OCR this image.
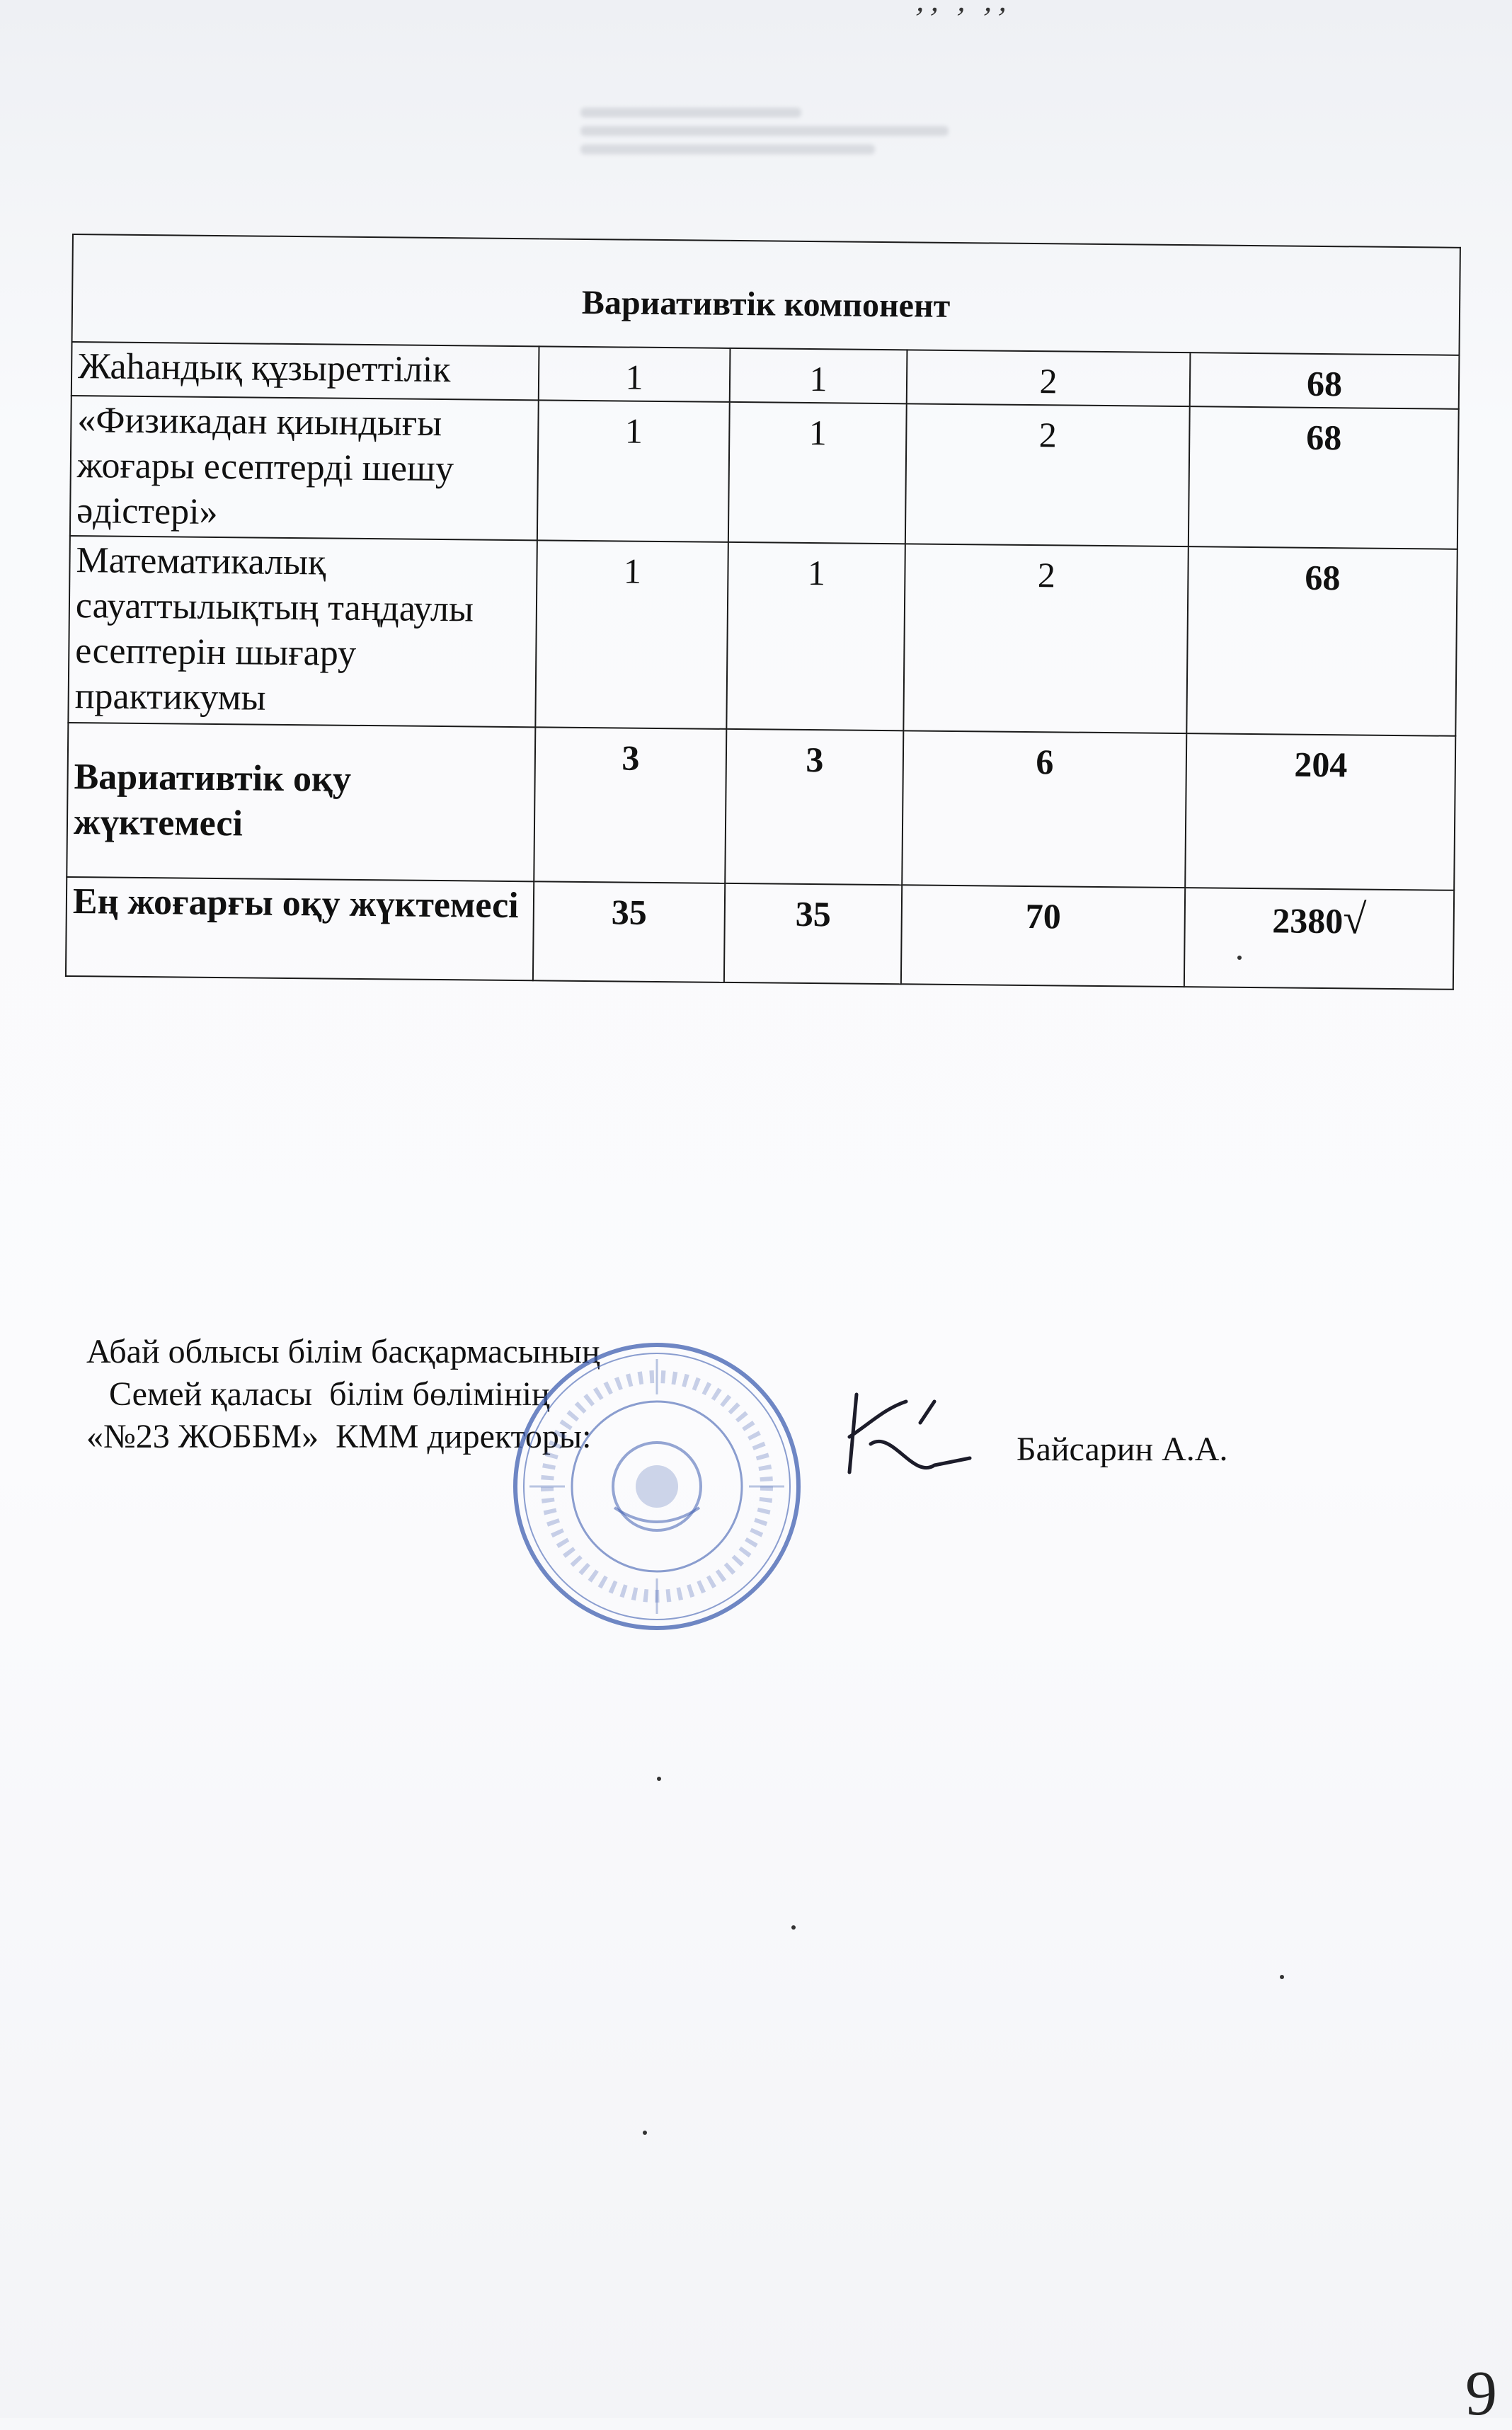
ʼʼ ʼ ʼʼ
Вариативтік компонент				
Жаһандық құзыреттілік	1	1	2	68
«Физикадан қиындығы жоғары есептерді шешу әдістері»	1	1	2	68
Математикалық сауаттылықтың таңдаулы есептерін шығару практикумы	1	1	2	68
Вариативтік оқу жүктемесі	3	3	6	204
Ең жоғарғы оқу жүктемесі	35	35	70	2380√
Абай облысы білім басқармасының
Семей қаласы  білім бөлімінің
«№23 ЖОББМ»  КММ директоры:	Байсарин А.А.
9
